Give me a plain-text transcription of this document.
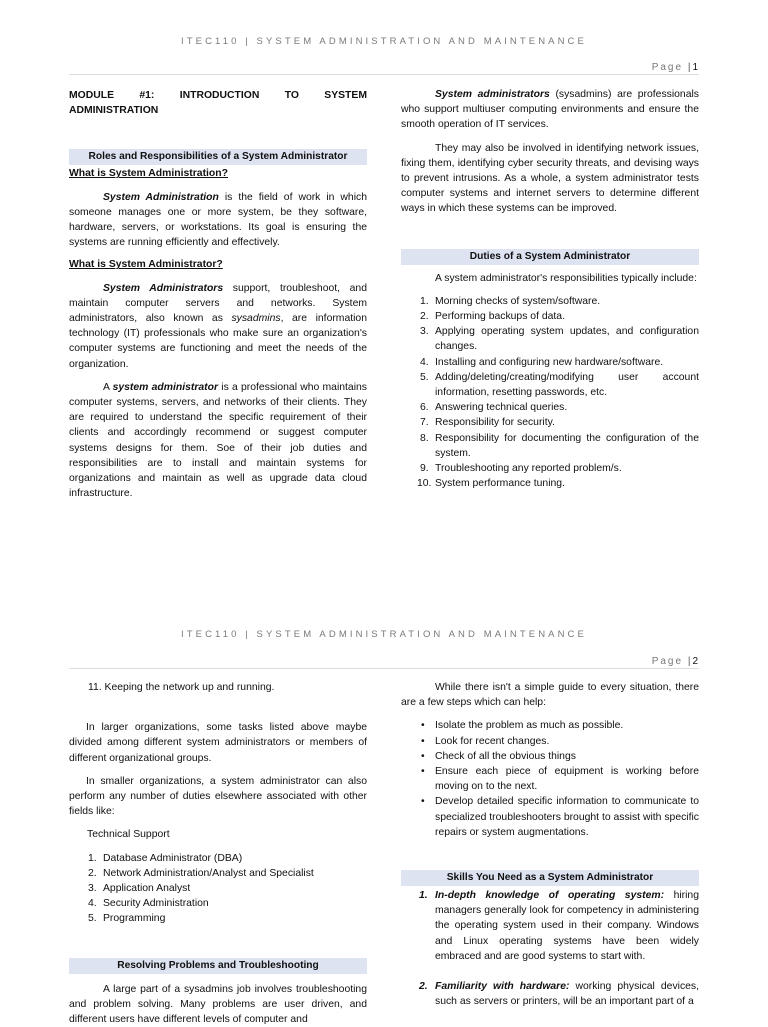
ITEC110 | SYSTEM ADMINISTRATION AND MAINTENANCE
Page |1

MODULE #1: INTRODUCTION TO SYSTEM ADMINISTRATION

Roles and Responsibilities of a System Administrator

What is System Administration?

System Administration is the field of work in which someone manages one or more system, be they software, hardware, servers, or workstations. Its goal is ensuring the systems are running efficiently and effectively.

What is System Administrator?

System Administrators support, troubleshoot, and maintain computer servers and networks. System administrators, also known as sysadmins, are information technology (IT) professionals who make sure an organization's computer systems are functioning and meet the needs of the organization.

A system administrator is a professional who maintains computer systems, servers, and networks of their clients. They are required to understand the specific requirement of their clients and accordingly recommend or suggest computer systems designs for them. Soe of their job duties and responsibilities are to install and maintain systems for organizations and maintain as well as upgrade data cloud infrastructure.

System administrators (sysadmins) are professionals who support multiuser computing environments and ensure the smooth operation of IT services.

They may also be involved in identifying network issues, fixing them, identifying cyber security threats, and devising ways to prevent intrusions. As a whole, a system administrator tests computer systems and internet servers to determine different ways in which these systems can be improved.

Duties of a System Administrator

A system administrator's responsibilities typically include:

1. Morning checks of system/software.
2. Performing backups of data.
3. Applying operating system updates, and configuration changes.
4. Installing and configuring new hardware/software.
5. Adding/deleting/creating/modifying user account information, resetting passwords, etc.
6. Answering technical queries.
7. Responsibility for security.
8. Responsibility for documenting the configuration of the system.
9. Troubleshooting any reported problem/s.
10. System performance tuning.
ITEC110 | SYSTEM ADMINISTRATION AND MAINTENANCE
Page |2

11. Keeping the network up and running.

In larger organizations, some tasks listed above maybe divided among different system administrators or members of different organizational groups.

In smaller organizations, a system administrator can also perform any number of duties elsewhere associated with other fields like:

Technical Support

1. Database Administrator (DBA)
2. Network Administration/Analyst and Specialist
3. Application Analyst
4. Security Administration
5. Programming
Resolving Problems and Troubleshooting

A large part of a sysadmins job involves troubleshooting and problem solving. Many problems are user driven, and different users have different levels of computer and

While there isn't a simple guide to every situation, there are a few steps which can help:

• Isolate the problem as much as possible.
• Look for recent changes.
• Check of all the obvious things
• Ensure each piece of equipment is working before moving on to the next.
• Develop detailed specific information to communicate to specialized troubleshooters brought to assist with specific repairs or system augmentations.
Skills You Need as a System Administrator
1. In-depth knowledge of operating system: hiring managers generally look for competency in administering the operating system used in their company. Windows and Linux operating systems have been widely embraced and are good systems to start with.
2. Familiarity with hardware: working physical devices, such as servers or printers, will be an important part of a
